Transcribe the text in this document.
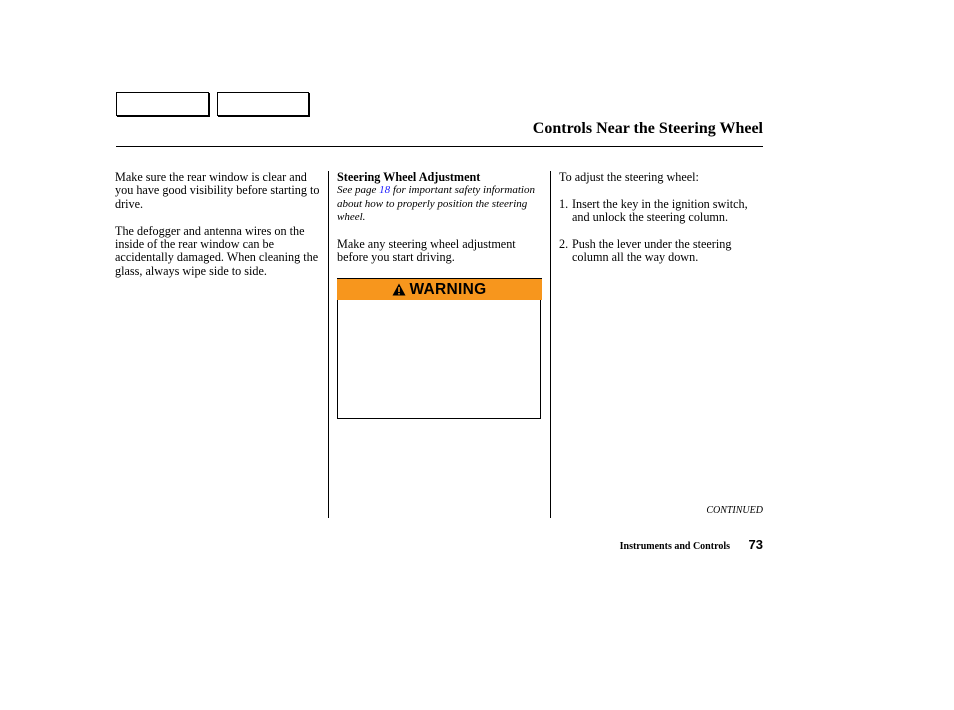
Controls Near the Steering Wheel

Make sure the rear window is clear and you have good visibility before starting to drive.

The defogger and antenna wires on the inside of the rear window can be accidentally damaged. When cleaning the glass, always wipe side to side.

Steering Wheel Adjustment

See page 18 for important safety information about how to properly position the steering wheel.

Make any steering wheel adjustment before you start driving.

WARNING

To adjust the steering wheel:

1. Insert the key in the ignition switch, and unlock the steering column.
2. Push the lever under the steering column all the way down.
CONTINUED
Instruments and Controls 73
